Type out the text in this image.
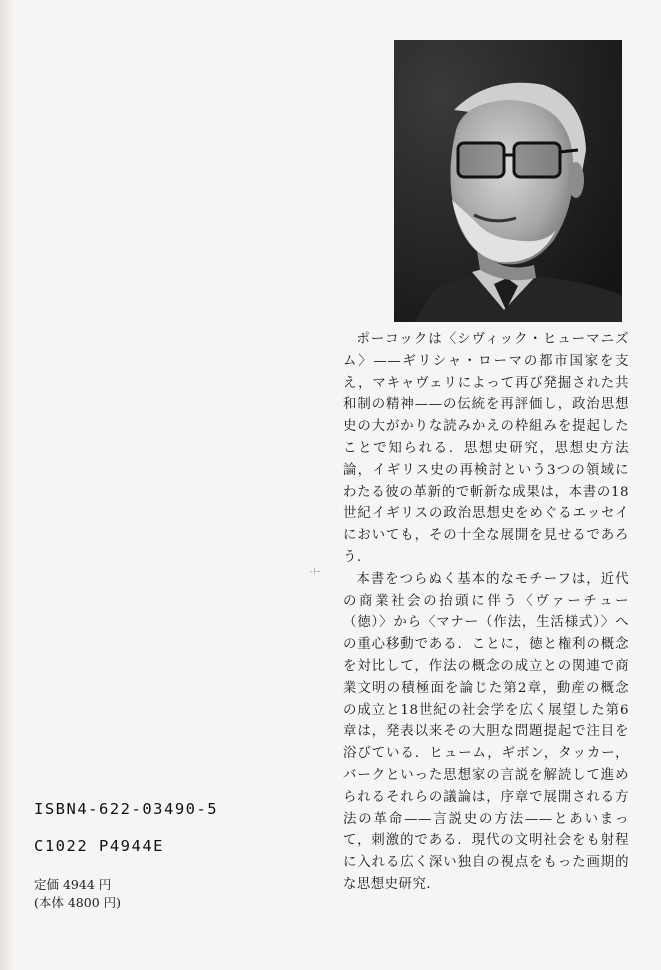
ポーコックは〈シヴィック・ヒューマニズム〉——ギリシャ・ローマの都市国家を支え，マキャヴェリによって再び発掘された共和制の精神——の伝統を再評価し，政治思想史の大がかりな読みかえの枠組みを提起したことで知られる．思想史研究，思想史方法論，イギリス史の再検討という3つの領域にわたる彼の革新的で斬新な成果は，本書の18世紀イギリスの政治思想史をめぐるエッセイにおいても，その十全な展開を見せるであろう．

本書をつらぬく基本的なモチーフは，近代の商業社会の抬頭に伴う〈ヴァーチュー（徳）〉から〈マナー（作法，生活様式）〉への重心移動である．ことに，徳と権利の概念を対比して，作法の概念の成立との関連で商業文明の積極面を論じた第2章，動産の概念の成立と18世紀の社会学を広く展望した第6章は，発表以来その大胆な問題提起で注目を浴びている．ヒューム，ギボン，タッカー，バークといった思想家の言説を解読して進められるそれらの議論は，序章で展開される方法の革命——言説史の方法——とあいまって，刺激的である．現代の文明社会をも射程に入れる広く深い独自の視点をもった画期的な思想史研究．

-ﾄｰ
ISBN4-622-03490-5
C1022 P4944E
定価 4944 円
(本体 4800 円)
